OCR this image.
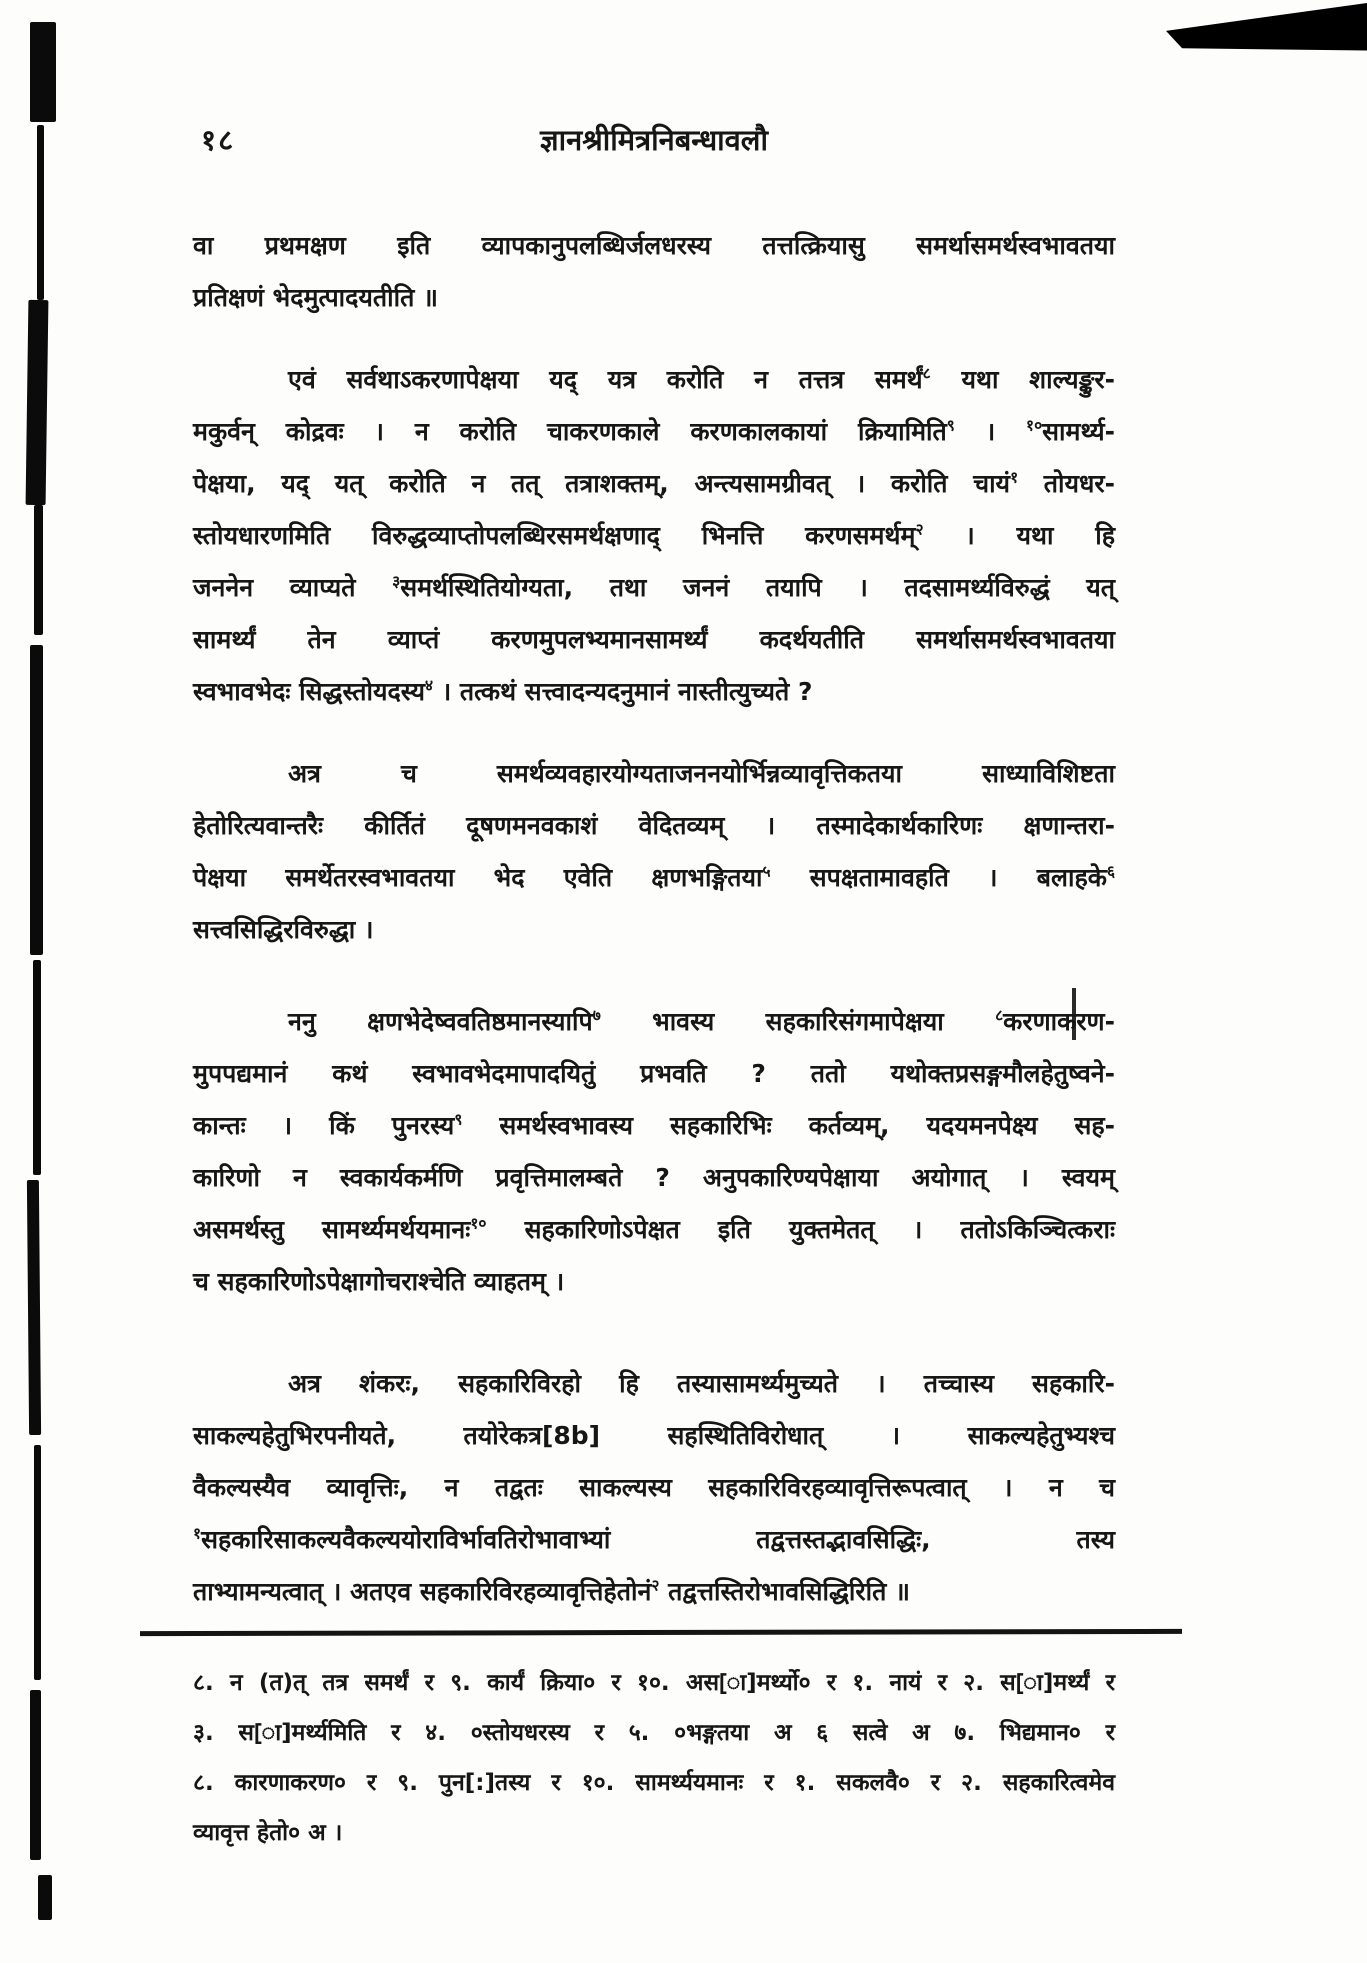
१८	ज्ञानश्रीमित्रनिबन्धावलौ
वा प्रथमक्षण इति व्यापकानुपलब्धिर्जलधरस्य तत्तत्क्रियासु समर्थासमर्थस्वभावतया
प्रतिक्षणं भेदमुत्पादयतीति ॥
एवं सर्वथाऽकरणापेक्षया यद् यत्र करोति न तत्तत्र समर्थं$^८$ यथा शाल्यङ्कुर-
मकुर्वन् कोद्रवः । न करोति चाकरणकाले करणकालकायां क्रियामिति$^९$ । $^{१०}$सामर्थ्य-
पेक्षया, यद् यत् करोति न तत् तत्राशक्तम्, अन्त्यसामग्रीवत् । करोति चायं$^१$ तोयधर-
स्तोयधारणमिति विरुद्धव्याप्तोपलब्धिरसमर्थक्षणाद् भिनत्ति करणसमर्थम्$^२$ । यथा हि
जननेन व्याप्यते $^३$समर्थस्थितियोग्यता, तथा जननं तयापि । तदसामर्थ्यविरुद्धं यत्
सामर्थ्यं तेन व्याप्तं करणमुपलभ्यमानसामर्थ्यं कदर्थयतीति समर्थासमर्थस्वभावतया
स्वभावभेदः सिद्धस्तोयदस्य$^४$ । तत्कथं सत्त्वादन्यदनुमानं नास्तीत्युच्यते ?
अत्र च समर्थव्यवहारयोग्यताजननयोर्भिन्नव्यावृत्तिकतया साध्याविशिष्टता
हेतोरित्यवान्तरैः कीर्तितं दूषणमनवकाशं वेदितव्यम् । तस्मादेकार्थकारिणः क्षणान्तरा-
पेक्षया समर्थेतरस्वभावतया भेद एवेति क्षणभङ्गितया$^५$ सपक्षतामावहति । बलाहके$^६$
सत्त्वसिद्धिरविरुद्धा ।
ननु क्षणभेदेष्ववतिष्ठमानस्यापि$^७$ भावस्य सहकारिसंगमापेक्षया $^८$करणाकरण-
मुपपद्यमानं कथं स्वभावभेदमापादयितुं प्रभवति ? ततो यथोक्तप्रसङ्गमौलहेतुष्वने-
कान्तः । किं पुनरस्य$^९$ समर्थस्वभावस्य सहकारिभिः कर्तव्यम्, यदयमनपेक्ष्य सह-
कारिणो न स्वकार्यकर्मणि प्रवृत्तिमालम्बते ? अनुपकारिण्यपेक्षाया अयोगात् । स्वयम्
असमर्थस्तु सामर्थ्यमर्थयमानः$^{१०}$ सहकारिणोऽपेक्षत इति युक्तमेतत् । ततोऽकिञ्चित्कराः
च सहकारिणोऽपेक्षागोचराश्चेति व्याहतम् ।
अत्र शंकरः, सहकारिविरहो हि तस्यासामर्थ्यमुच्यते । तच्चास्य सहकारि-
साकल्यहेतुभिरपनीयते, तयोरेकत्र[8b] सहस्थितिविरोधात् । साकल्यहेतुभ्यश्च
वैकल्यस्यैव व्यावृत्तिः, न तद्वतः साकल्यस्य सहकारिविरहव्यावृत्तिरूपत्वात् । न च
$^१$सहकारिसाकल्यवैकल्ययोराविर्भावतिरोभावाभ्यां तद्वत्तस्तद्भावसिद्धिः, तस्य
ताभ्यामन्यत्वात् । अतएव सहकारिविरहव्यावृत्तिहेतोनं$^२$ तद्वत्तस्तिरोभावसिद्धिरिति ॥
८. न (त)त् तत्र समर्थं र ९. कार्यं क्रिया० र १०. अस[ा]मर्थ्यो० र १. नायं र २. स[ा]मर्थ्यं र
३. स[ा]मर्थ्यमिति र ४. ०स्तोयधरस्य र ५. ०भङ्गतया अ ६ सत्वे अ ७. भिद्यमान० र
८. कारणाकरण० र ९. पुन[:]तस्य र १०. सामर्थ्ययमानः र १. सकलवै० र २. सहकारित्वमेव
व्यावृत्त हेतो० अ ।
